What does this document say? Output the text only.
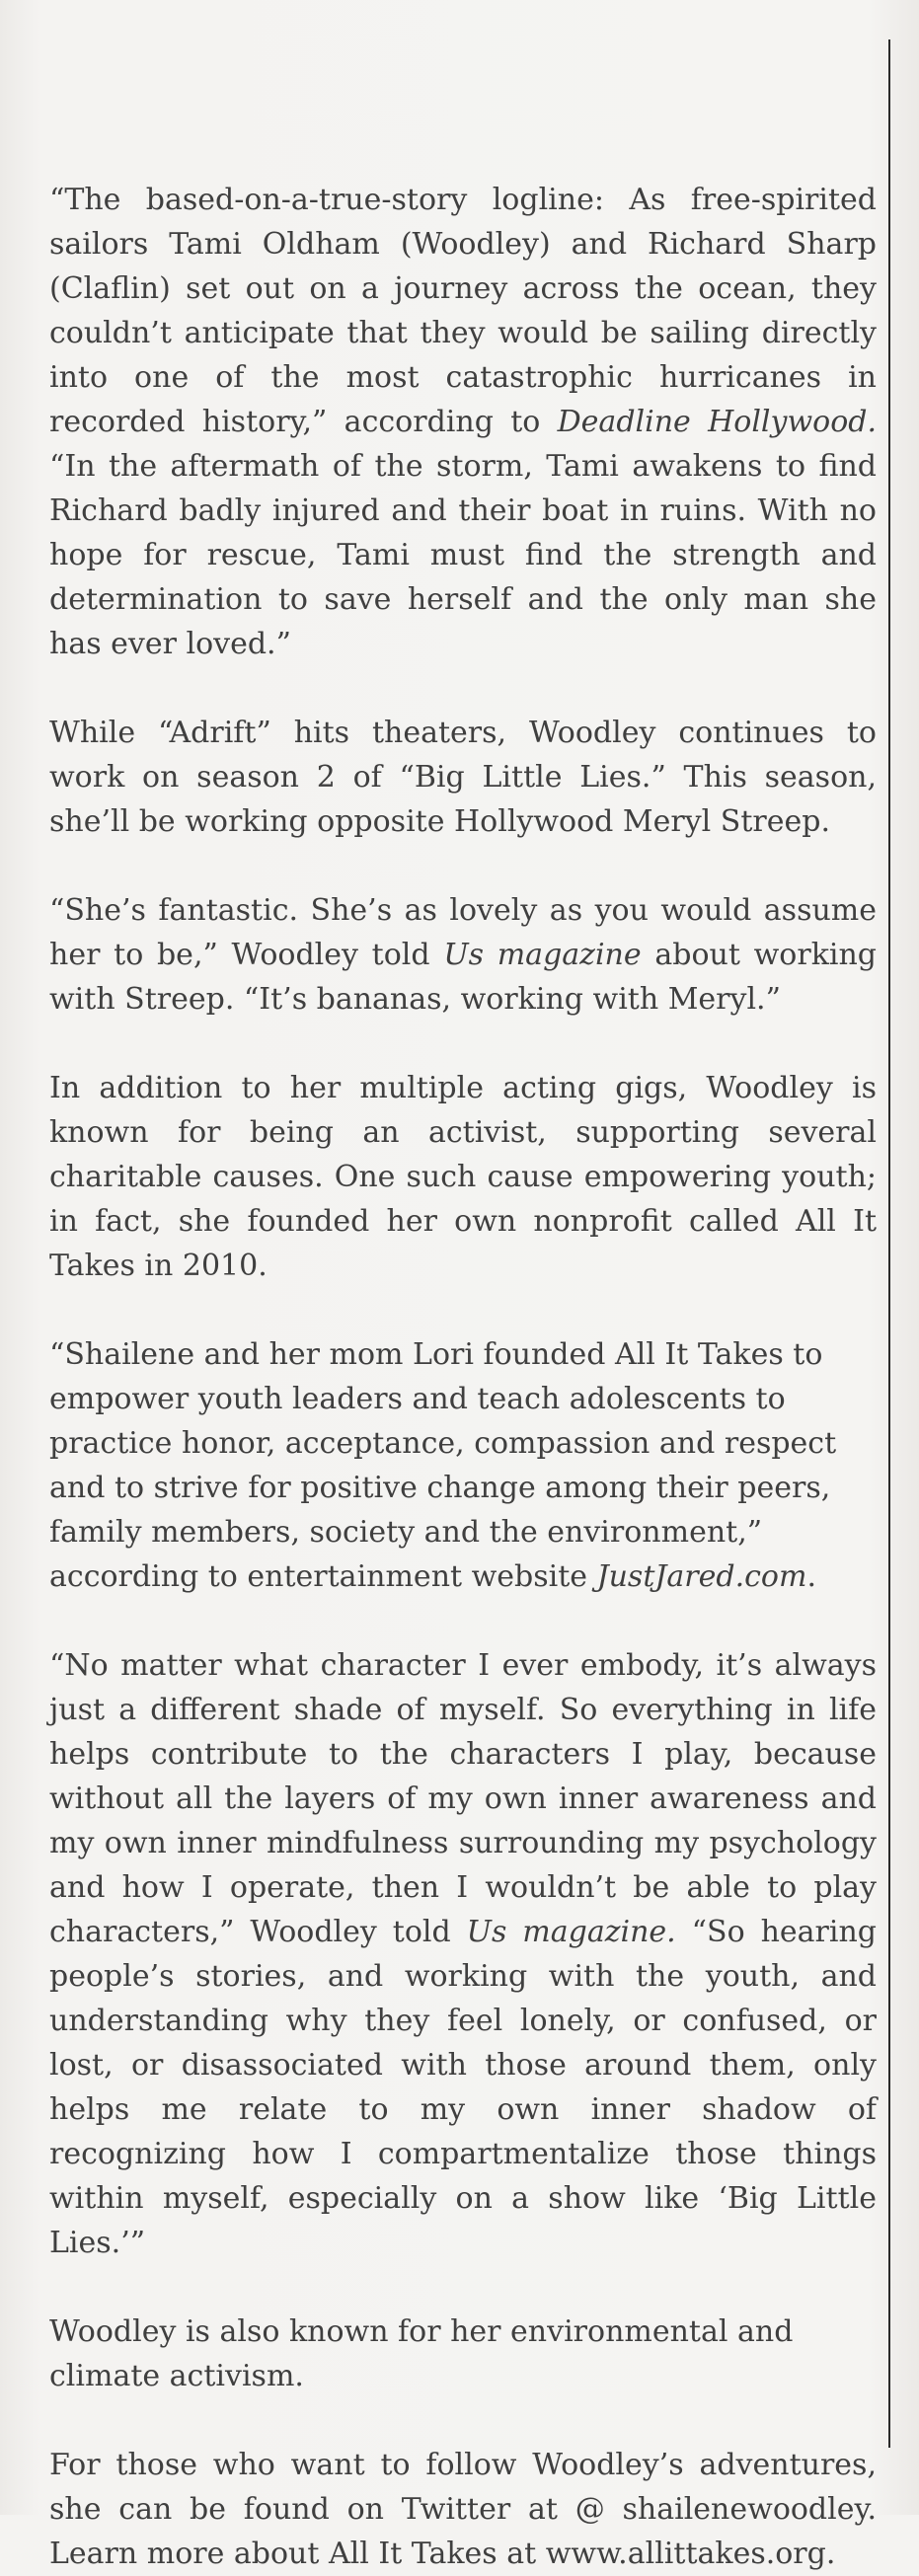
“The based-on-a-true-story logline: As free-spirited sailors Tami Oldham (Woodley) and Richard Sharp (Claflin) set out on a journey across the ocean, they couldn’t anticipate that they would be sailing directly into one of the most catastrophic hurricanes in recorded history,” according to Deadline Hollywood. “In the aftermath of the storm, Tami awakens to find Richard badly injured and their boat in ruins. With no hope for rescue, Tami must find the strength and determination to save herself and the only man she has ever loved.”

While “Adrift” hits theaters, Woodley continues to work on season 2 of “Big Little Lies.” This season, she’ll be working opposite Hollywood Meryl Streep.

“She’s fantastic. She’s as lovely as you would assume her to be,” Woodley told Us magazine about working with Streep. “It’s bananas, working with Meryl.”

In addition to her multiple acting gigs, Woodley is known for being an activist, supporting several charitable causes. One such cause empowering youth; in fact, she founded her own nonprofit called All It Takes in 2010.

“Shailene and her mom Lori founded All It Takes to empower youth leaders and teach adolescents to practice honor, acceptance, compassion and respect and to strive for positive change among their peers, family members, society and the environment,” according to entertainment website JustJared.com.

“No matter what character I ever embody, it’s always just a different shade of myself. So everything in life helps contribute to the characters I play, because without all the layers of my own inner awareness and my own inner mindfulness surrounding my psychology and how I operate, then I wouldn’t be able to play characters,” Woodley told Us magazine. “So hearing people’s stories, and working with the youth, and understanding why they feel lonely, or confused, or lost, or disassociated with those around them, only helps me relate to my own inner shadow of recognizing how I compartmentalize those things within myself, especially on a show like ‘Big Little Lies.’”

Woodley is also known for her environmental and climate activism.

For those who want to follow Woodley’s adventures, she can be found on Twitter at @ shailenewoodley. Learn more about All It Takes at www.allittakes.org.
